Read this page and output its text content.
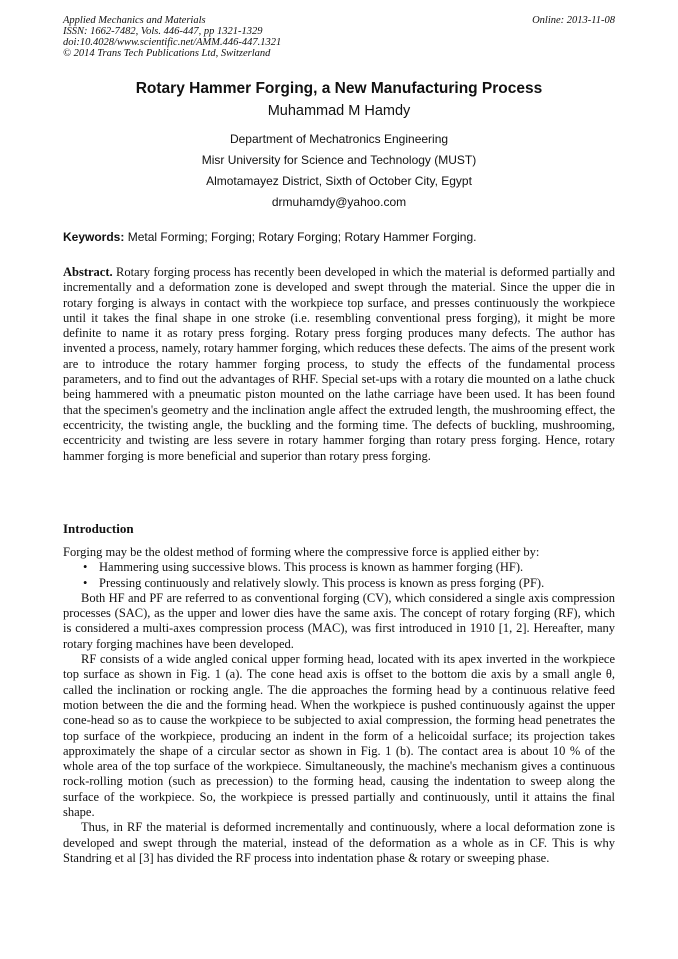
Applied Mechanics and Materials
ISSN: 1662-7482, Vols. 446-447, pp 1321-1329
doi:10.4028/www.scientific.net/AMM.446-447.1321
© 2014 Trans Tech Publications Ltd, Switzerland
Online: 2013-11-08
Rotary Hammer Forging, a New Manufacturing Process
Muhammad M Hamdy
Department of Mechatronics Engineering
Misr University for Science and Technology (MUST)
Almotamayez District, Sixth of October City, Egypt
drmuhamdy@yahoo.com
Keywords: Metal Forming; Forging; Rotary Forging; Rotary Hammer Forging.
Abstract. Rotary forging process has recently been developed in which the material is deformed partially and incrementally and a deformation zone is developed and swept through the material. Since the upper die in rotary forging is always in contact with the workpiece top surface, and presses continuously the workpiece until it takes the final shape in one stroke (i.e. resembling conventional press forging), it might be more definite to name it as rotary press forging. Rotary press forging produces many defects. The author has invented a process, namely, rotary hammer forging, which reduces these defects. The aims of the present work are to introduce the rotary hammer forging process, to study the effects of the fundamental process parameters, and to find out the advantages of RHF. Special set-ups with a rotary die mounted on a lathe chuck being hammered with a pneumatic piston mounted on the lathe carriage have been used. It has been found that the specimen's geometry and the inclination angle affect the extruded length, the mushrooming effect, the eccentricity, the twisting angle, the buckling and the forming time. The defects of buckling, mushrooming, eccentricity and twisting are less severe in rotary hammer forging than rotary press forging. Hence, rotary hammer forging is more beneficial and superior than rotary press forging.
Introduction

Forging may be the oldest method of forming where the compressive force is applied either by:

• Hammering using successive blows. This process is known as hammer forging (HF).
• Pressing continuously and relatively slowly. This process is known as press forging (PF).

Both HF and PF are referred to as conventional forging (CV), which considered a single axis compression processes (SAC), as the upper and lower dies have the same axis. The concept of rotary forging (RF), which is considered a multi-axes compression process (MAC), was first introduced in 1910 [1, 2]. Hereafter, many rotary forging machines have been developed.

RF consists of a wide angled conical upper forming head, located with its apex inverted in the workpiece top surface as shown in Fig. 1 (a). The cone head axis is offset to the bottom die axis by a small angle θ, called the inclination or rocking angle. The die approaches the forming head by a continuous relative feed motion between the die and the forming head. When the workpiece is pushed continuously against the upper cone-head so as to cause the workpiece to be subjected to axial compression, the forming head penetrates the top surface of the workpiece, producing an indent in the form of a helicoidal surface; its projection takes approximately the shape of a circular sector as shown in Fig. 1 (b). The contact area is about 10 % of the whole area of the top surface of the workpiece. Simultaneously, the machine's mechanism gives a continuous rock-rolling motion (such as precession) to the forming head, causing the indentation to sweep along the surface of the workpiece. So, the workpiece is pressed partially and continuously, until it attains the final shape.

Thus, in RF the material is deformed incrementally and continuously, where a local deformation zone is developed and swept through the material, instead of the deformation as a whole as in CF. This is why Standring et al [3] has divided the RF process into indentation phase & rotary or sweeping phase.
